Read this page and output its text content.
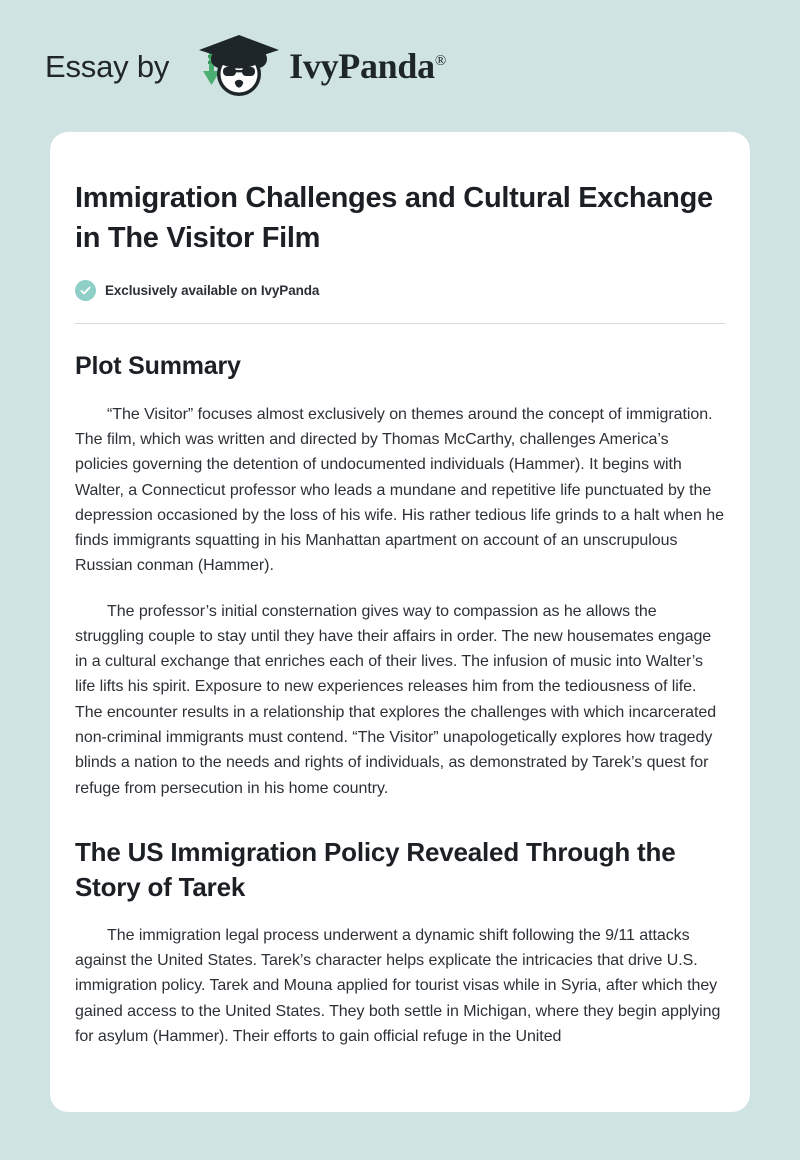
Essay by	IvyPanda®
Immigration Challenges and Cultural Exchange in The Visitor Film
Exclusively available on IvyPanda
Plot Summary

“The Visitor” focuses almost exclusively on themes around the concept of immigration. The film, which was written and directed by Thomas McCarthy, challenges America’s policies governing the detention of undocumented individuals (Hammer). It begins with Walter, a Connecticut professor who leads a mundane and repetitive life punctuated by the depression occasioned by the loss of his wife. His rather tedious life grinds to a halt when he finds immigrants squatting in his Manhattan apartment on account of an unscrupulous Russian conman (Hammer).

The professor’s initial consternation gives way to compassion as he allows the struggling couple to stay until they have their affairs in order. The new housemates engage in a cultural exchange that enriches each of their lives. The infusion of music into Walter’s life lifts his spirit. Exposure to new experiences releases him from the tediousness of life. The encounter results in a relationship that explores the challenges with which incarcerated non-criminal immigrants must contend. “The Visitor” unapologetically explores how tragedy blinds a nation to the needs and rights of individuals, as demonstrated by Tarek’s quest for refuge from persecution in his home country.

The US Immigration Policy Revealed Through the Story of Tarek

The immigration legal process underwent a dynamic shift following the 9/11 attacks against the United States. Tarek’s character helps explicate the intricacies that drive U.S. immigration policy. Tarek and Mouna applied for tourist visas while in Syria, after which they gained access to the United States. They both settle in Michigan, where they begin applying for asylum (Hammer). Their efforts to gain official refuge in the United
